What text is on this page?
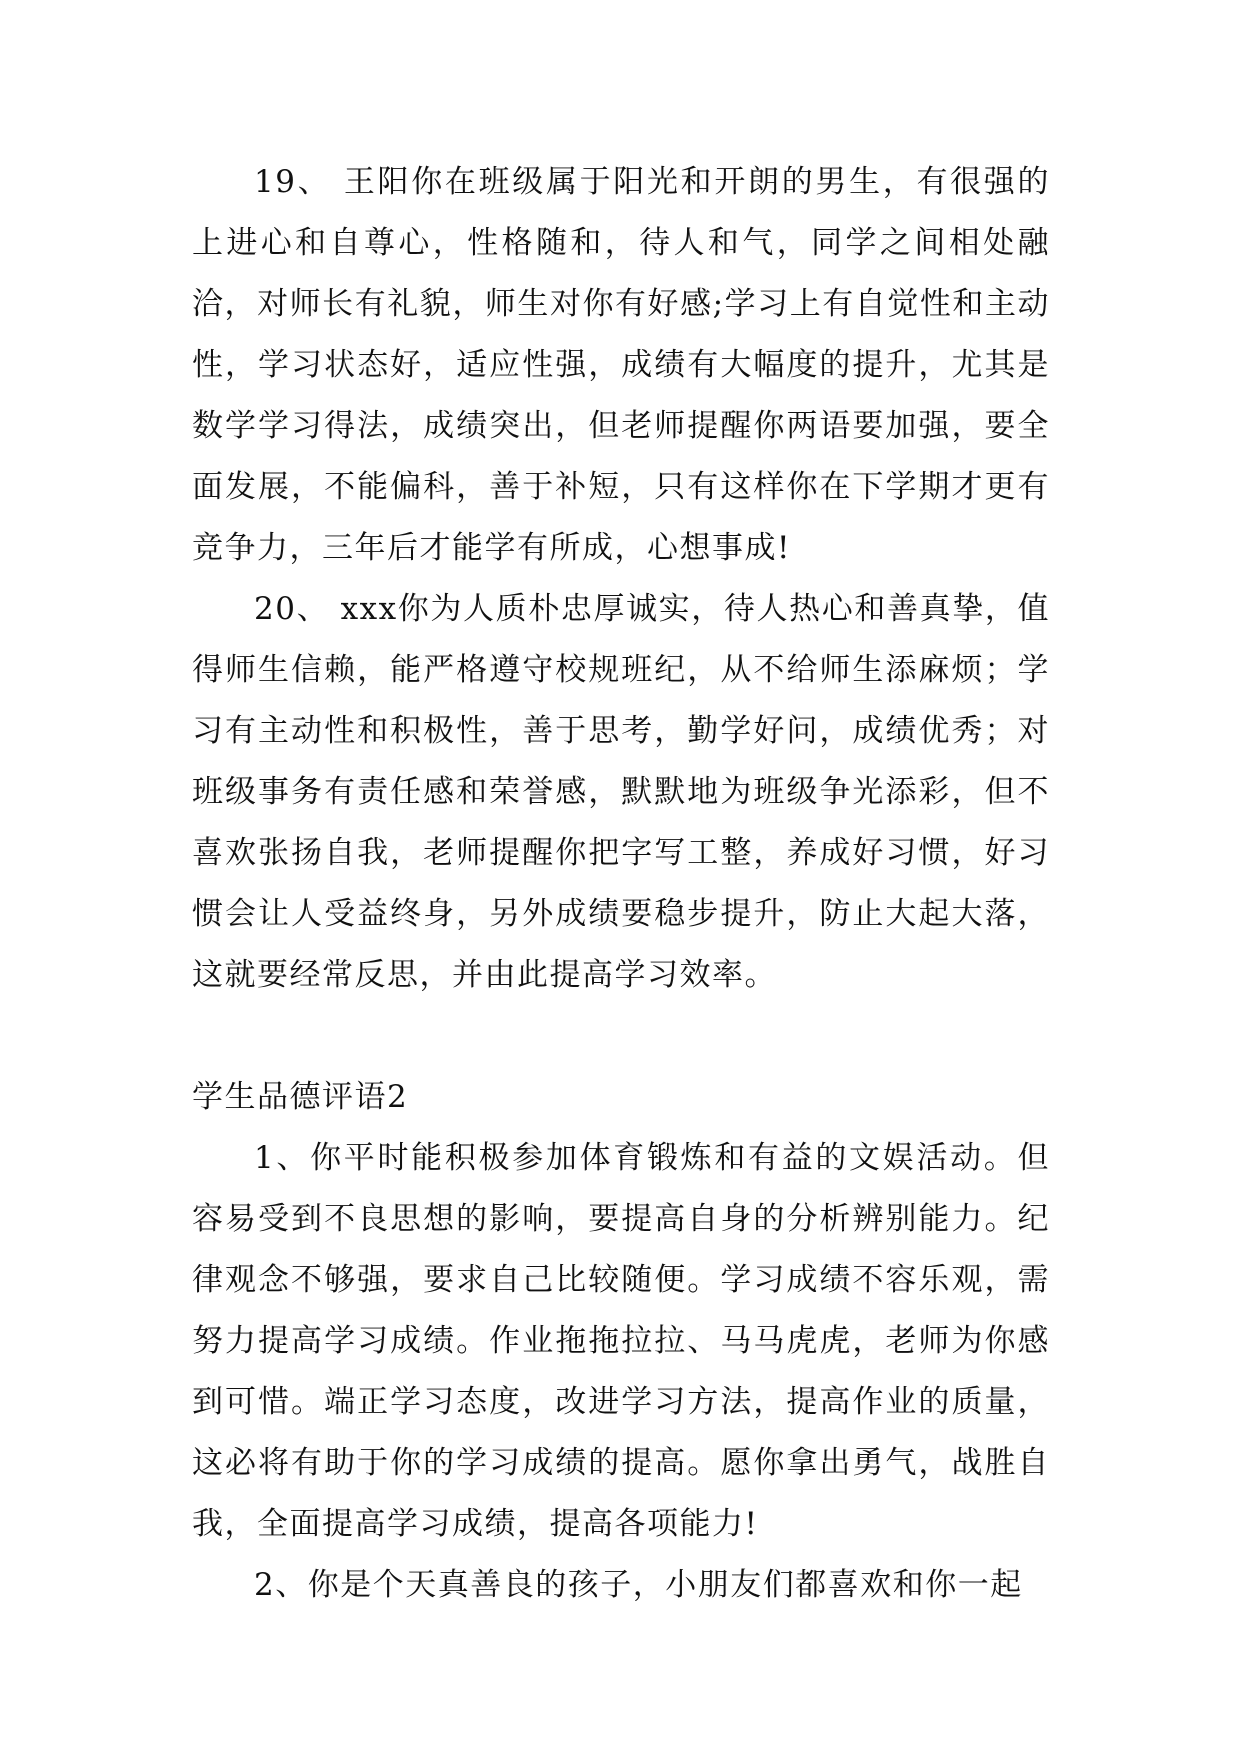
19、 王阳你在班级属于阳光和开朗的男生，有很强的上进心和自尊心，性格随和，待人和气，同学之间相处融洽，对师长有礼貌，师生对你有好感;学习上有自觉性和主动性，学习状态好，适应性强，成绩有大幅度的提升，尤其是数学学习得法，成绩突出，但老师提醒你两语要加强，要全面发展，不能偏科，善于补短，只有这样你在下学期才更有竞争力，三年后才能学有所成，心想事成!

20、 xxx你为人质朴忠厚诚实，待人热心和善真挚，值得师生信赖，能严格遵守校规班纪，从不给师生添麻烦；学习有主动性和积极性，善于思考，勤学好问，成绩优秀；对班级事务有责任感和荣誉感，默默地为班级争光添彩，但不喜欢张扬自我，老师提醒你把字写工整，养成好习惯，好习惯会让人受益终身，另外成绩要稳步提升，防止大起大落，这就要经常反思，并由此提高学习效率。

学生品德评语2

1、你平时能积极参加体育锻炼和有益的文娱活动。但容易受到不良思想的影响，要提高自身的分析辨别能力。纪律观念不够强，要求自己比较随便。学习成绩不容乐观，需努力提高学习成绩。作业拖拖拉拉、马马虎虎，老师为你感到可惜。端正学习态度，改进学习方法，提高作业的质量，这必将有助于你的学习成绩的提高。愿你拿出勇气，战胜自我，全面提高学习成绩，提高各项能力!

2、你是个天真善良的孩子，小朋友们都喜欢和你一起
